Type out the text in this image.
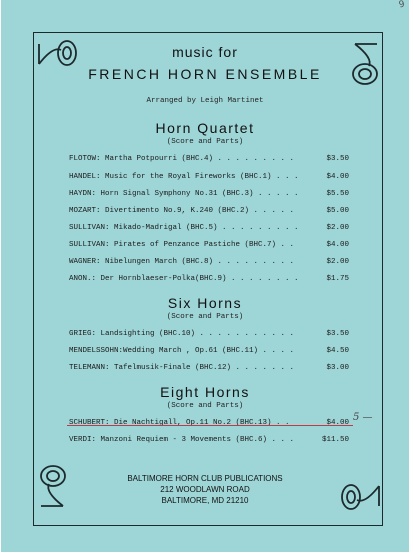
9
music for
FRENCH HORN ENSEMBLE
Arranged by Leigh Martinet
Horn Quartet
(Score and Parts)
FLOTOW: Martha Potpourri (BHC.4) . . . . . . . . .	$3.50
HANDEL: Music for the Royal Fireworks (BHC.1) . . .	$4.00
HAYDN: Horn Signal Symphony No.31 (BHC.3) . . . . .	$5.50
MOZART: Divertimento No.9, K.240 (BHC.2) . . . . .	$5.00
SULLIVAN: Mikado-Madrigal (BHC.5) . . . . . . . . .	$2.00
SULLIVAN: Pirates of Penzance Pastiche (BHC.7) . .	$4.00
WAGNER: Nibelungen March (BHC.8) . . . . . . . . .	$2.00
ANON.: Der Hornblaeser-Polka(BHC.9) . . . . . . . .	$1.75
Six Horns
(Score and Parts)
GRIEG: Landsighting (BHC.10) . . . . . . . . . . .	$3.50
MENDELSSOHN:Wedding March , Op.61 (BHC.11) . . . .	$4.50
TELEMANN: Tafelmusik-Finale (BHC.12) . . . . . . .	$3.00
Eight Horns
(Score and Parts)
SCHUBERT: Die Nachtigall, Op.11 No.2 (BHC.13) . .	$4.00 5 —
VERDI: Manzoni Requiem - 3 Movements (BHC.6) . . .	$11.50
BALTIMORE HORN CLUB PUBLICATIONS
212 WOODLAWN ROAD
BALTIMORE, MD 21210
